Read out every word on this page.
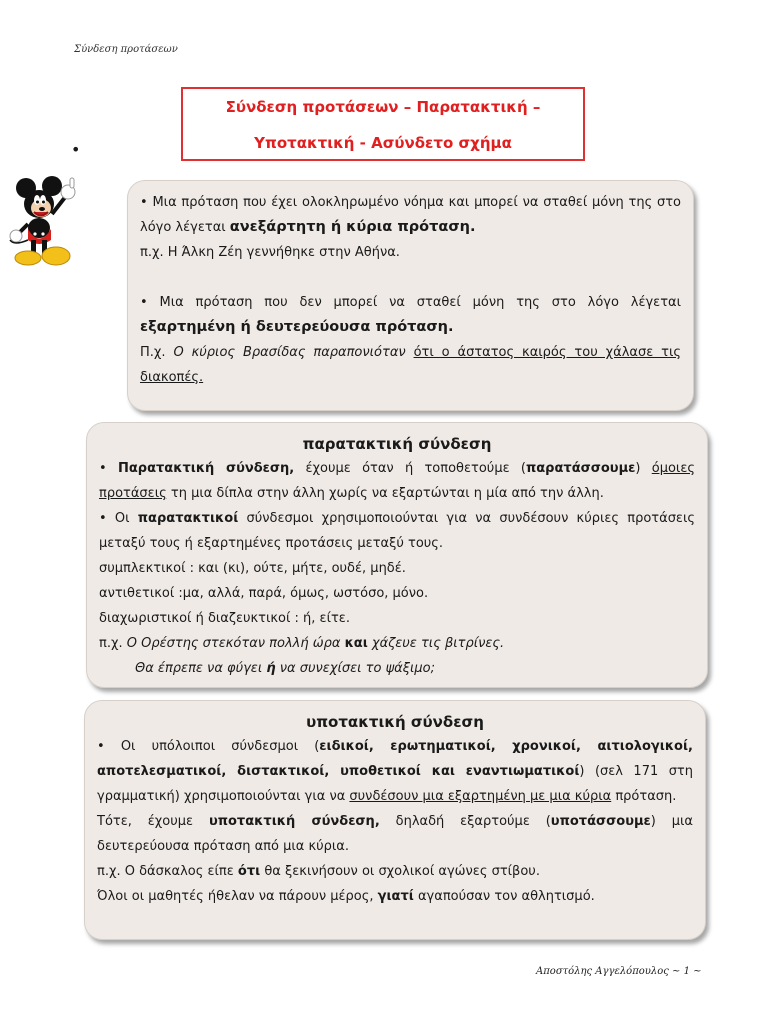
Σύνδεση προτάσεων
Σύνδεση προτάσεων – Παρατακτική –
Υποτακτική - Ασύνδετο σχήμα
•

• Μια πρόταση που έχει ολοκληρωμένο νόημα και μπορεί να σταθεί μόνη της στο λόγο λέγεται ανεξάρτητη ή κύρια πρόταση.

π.χ. Η Άλκη Ζέη γεννήθηκε στην Αθήνα.

• Μια πρόταση που δεν μπορεί να σταθεί μόνη της στο λόγο λέγεται εξαρτημένη ή δευτερεύουσα πρόταση.

Π.χ. Ο κύριος Βρασίδας παραπονιόταν ότι ο άστατος καιρός του χάλασε τις διακοπές.

παρατακτική σύνδεση

• Παρατακτική σύνδεση, έχουμε όταν ή τοποθετούμε (παρατάσσουμε) όμοιες προτάσεις τη μια δίπλα στην άλλη χωρίς να εξαρτώνται η μία από την άλλη.

• Οι παρατακτικοί σύνδεσμοι χρησιμοποιούνται για να συνδέσουν κύριες προτάσεις μεταξύ τους ή εξαρτημένες προτάσεις μεταξύ τους.

συμπλεκτικοί : και (κι), ούτε, μήτε, ουδέ, μηδέ.

αντιθετικοί :μα, αλλά, παρά, όμως, ωστόσο, μόνο.

διαχωριστικοί ή διαζευκτικοί : ή, είτε.

π.χ. Ο Ορέστης στεκόταν πολλή ώρα και χάζευε τις βιτρίνες.

Θα έπρεπε να φύγει ή να συνεχίσει το ψάξιμο;

υποτακτική σύνδεση

• Οι υπόλοιποι σύνδεσμοι (ειδικοί, ερωτηματικοί, χρονικοί, αιτιολογικοί, αποτελεσματικοί, διστακτικοί, υποθετικοί και εναντιωματικοί) (σελ 171 στη γραμματική) χρησιμοποιούνται για να συνδέσουν μια εξαρτημένη με μια κύρια πρόταση.

Τότε, έχουμε υποτακτική σύνδεση, δηλαδή εξαρτούμε (υποτάσσουμε) μια δευτερεύουσα πρόταση από μια κύρια.

π.χ. Ο δάσκαλος είπε ότι θα ξεκινήσουν οι σχολικοί αγώνες στίβου.

Όλοι οι μαθητές ήθελαν να πάρουν μέρος, γιατί αγαπούσαν τον αθλητισμό.

Αποστόλης Αγγελόπουλος ~ 1 ~
